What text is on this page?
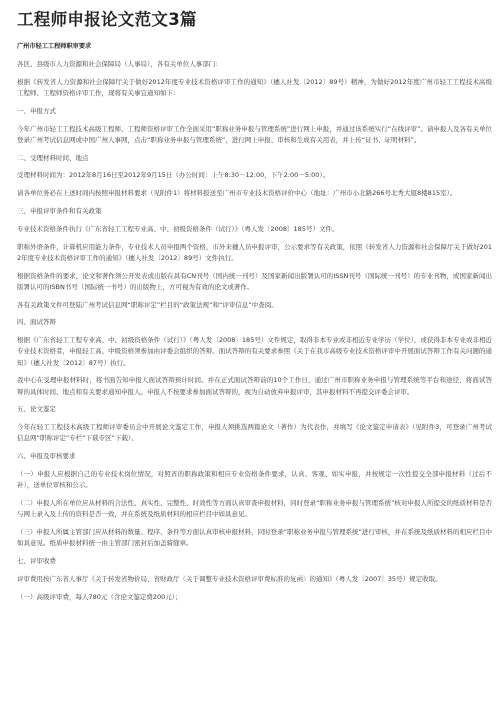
工程师申报论文范文3篇
广州市轻工工程师职审要求

各区、县级市人力资源和社会保障局（人事局），各有关单位人事部门：

根据《转发省人力资源和社会保障厅关于做好2012年度专业技术资格评审工作的通知》（穗人社发〔2012〕89号）精神，为做好2012年度广州市轻工工程技术高级工程师、工程师资格评审工作，现将有关事宜通知如下：

一、申报方式

今年广州市轻工工程技术高级工程师、工程师资格评审工作全面采用“职称业务申报与管理系统”进行网上申报，并通过该系统实行“在线评审”。请申报人及各有关单位登录广州考试信息网或中国广州人事网，点击“职称业务申报与管理系统”，进行网上申报、审核和生成有关用表，并上传“证书、证明材料”。

二、受理材料时间、地点

受理材料时间为：2012年8月16日至2012年9月15日（办公时间：上午8:30－12:00，下午2:00－5:00）。

请各单位务必在上述时间内按照申报材料要求（见附件1）将材料报送至广州市专业技术资格评价中心（地址：广州市小北路266号北秀大厦8楼815室）。

三、申报评审条件和有关政策

专业技术资格条件执行《广东省轻工工程专业高、中、初级资格条件（试行）》（粤人发〔2008〕185号）文件。

职称外语条件，计算机应用能力条件，专业技术人员申报两个资格，市外来穗人员申报评审，公示要求等有关政策，依照《转发省人力资源和社会保障厅关于做好2012年度专业技术资格评审工作的通知》（穗人社发〔2012〕89号）文件执行。

根据资格条件的要求，论文和著作须公开发表或出版在具有CN刊号（国内统一刊号）及国家新闻出版署认可的ISSN刊号（国际统一刊号）的专业刊物，或国家新闻出版署认可的ISBN书号（国际统一书号）的出版物上，方可视为有效的论文或著作。

各有关政策文件可登陆广州考试信息网“职称评定”栏目的“政策法规”和“评审信息”中查阅。

四、面试答辩

根据《广东省轻工工程专业高、中、初级资格条件（试行）》（粤人发〔2008〕185号）文件规定，取得非本专业或非相近专业学历（学位），或获得非本专业或非相近专业技术资格者，申报轻工高、中级资格须参加由评委会组织的答辩。面试答辩的有关要求参照《关于在我市高级专业技术资格评审中开展面试答辩工作有关问题的通知》（穗人社发〔2012〕87号）执行。

我中心在受理申报材料时，将书面告知申报人面试答辩预计时间。并在正式面试答辩前的10个工作日，通过广州市职称业务申报与管理系统等平台和途径，将面试答辩的具体时间、地点和有关要求通知申报人。申报人不按要求参加面试答辩的，视为自动放弃申报评审，其申报材料不再提交评委会评审。

五、论文鉴定

今年在轻工工程技术高级工程师评审委员会中开展论文鉴定工作，申报人须挑选两篇论文（著作）为代表作，并填写《论文鉴定申请表》（见附件3，可登录广州考试信息网“职称评定”专栏“下载专区”下载）。

六、申报及审核要求

（一）申报人应根据自己的专业技术岗位情况，对照省的职称政策和相应专业资格条件要求，认真、客观、如实申报，并按规定一次性提交全部申报材料（过后不补），送单位审核和公示。

（二）申报人所在单位应从材料的合法性、真实性、完整性、时效性等方面认真审查申报材料，同时登录“职称业务申报与管理系统”核对申报人所提交的纸质材料是否与网上录入及上传的资料是否一致，并在系统及纸质材料的相应栏目中如具意见。

（三）申报人所属主管部门应从材料的数量、程序、条件等方面认真审核申报材料，同时登录“职称业务申报与管理系统”进行审核，并在系统及纸质材料的相应栏目中如具意见。纸质申报材料统一由主管部门密封后加盖骑缝章。

七、评审收费

评审费用按广东省人事厅《关于转发省物价局、省财政厅〈关于调整专业技术资格评审费标准的复函〉的通知》（粤人发〔2007〕35号）规定收取。

（一）高级评审费，每人780元（含论文鉴定费200元）；
